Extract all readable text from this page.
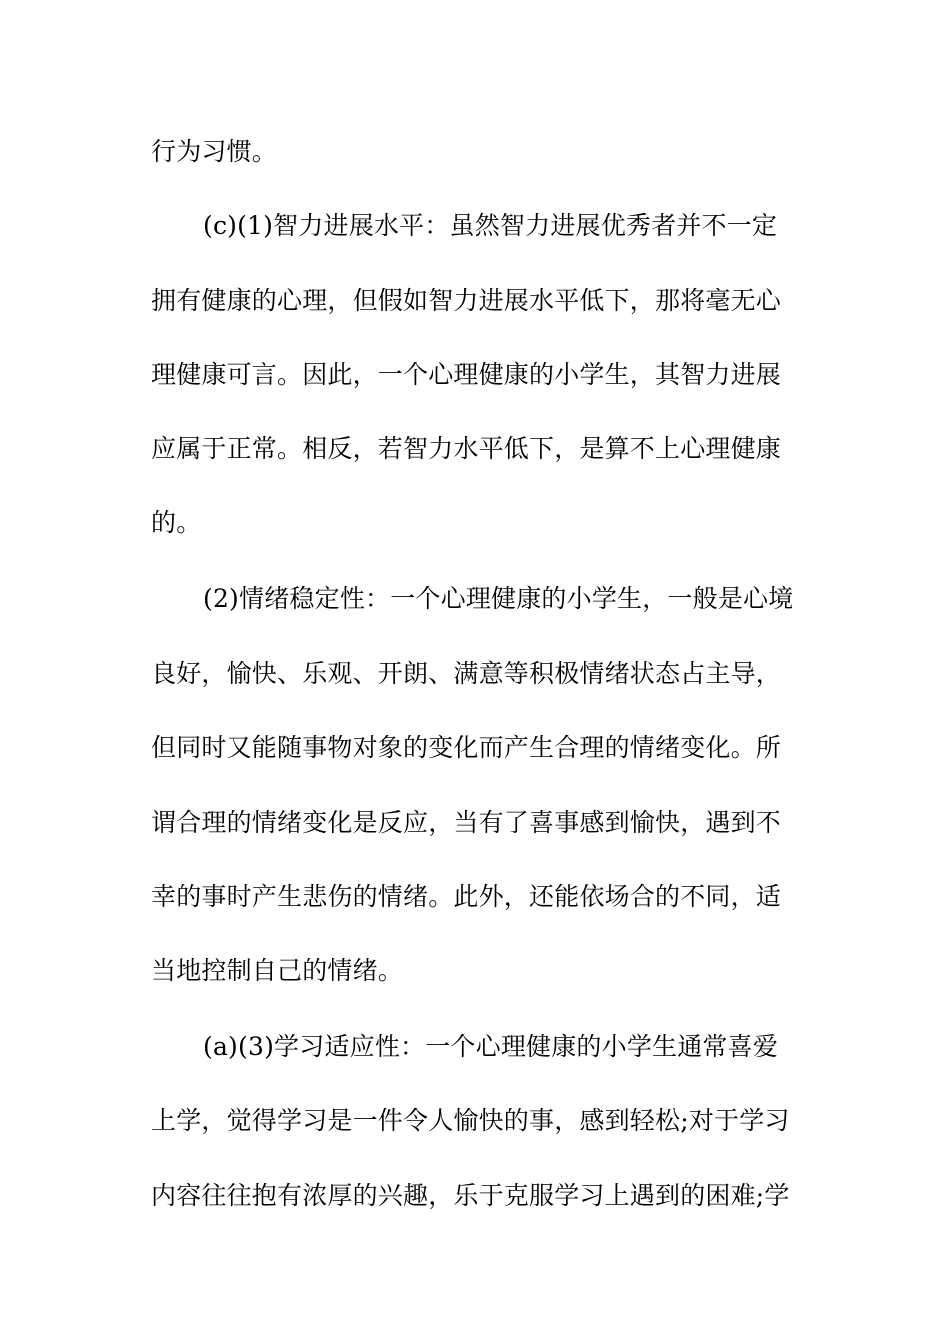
行为习惯。
(c)(1)智力进展水平：虽然智力进展优秀者并不一定
拥有健康的心理，但假如智力进展水平低下，那将毫无心
理健康可言。因此，一个心理健康的小学生，其智力进展
应属于正常。相反，若智力水平低下，是算不上心理健康
的。
(2)情绪稳定性：一个心理健康的小学生，一般是心境
良好，愉快、乐观、开朗、满意等积极情绪状态占主导，
但同时又能随事物对象的变化而产生合理的情绪变化。所
谓合理的情绪变化是反应，当有了喜事感到愉快，遇到不
幸的事时产生悲伤的情绪。此外，还能依场合的不同，适
当地控制自己的情绪。
(a)(3)学习适应性：一个心理健康的小学生通常喜爱
上学，觉得学习是一件令人愉快的事，感到轻松;对于学习
内容往往抱有浓厚的兴趣，乐于克服学习上遇到的困难;学
